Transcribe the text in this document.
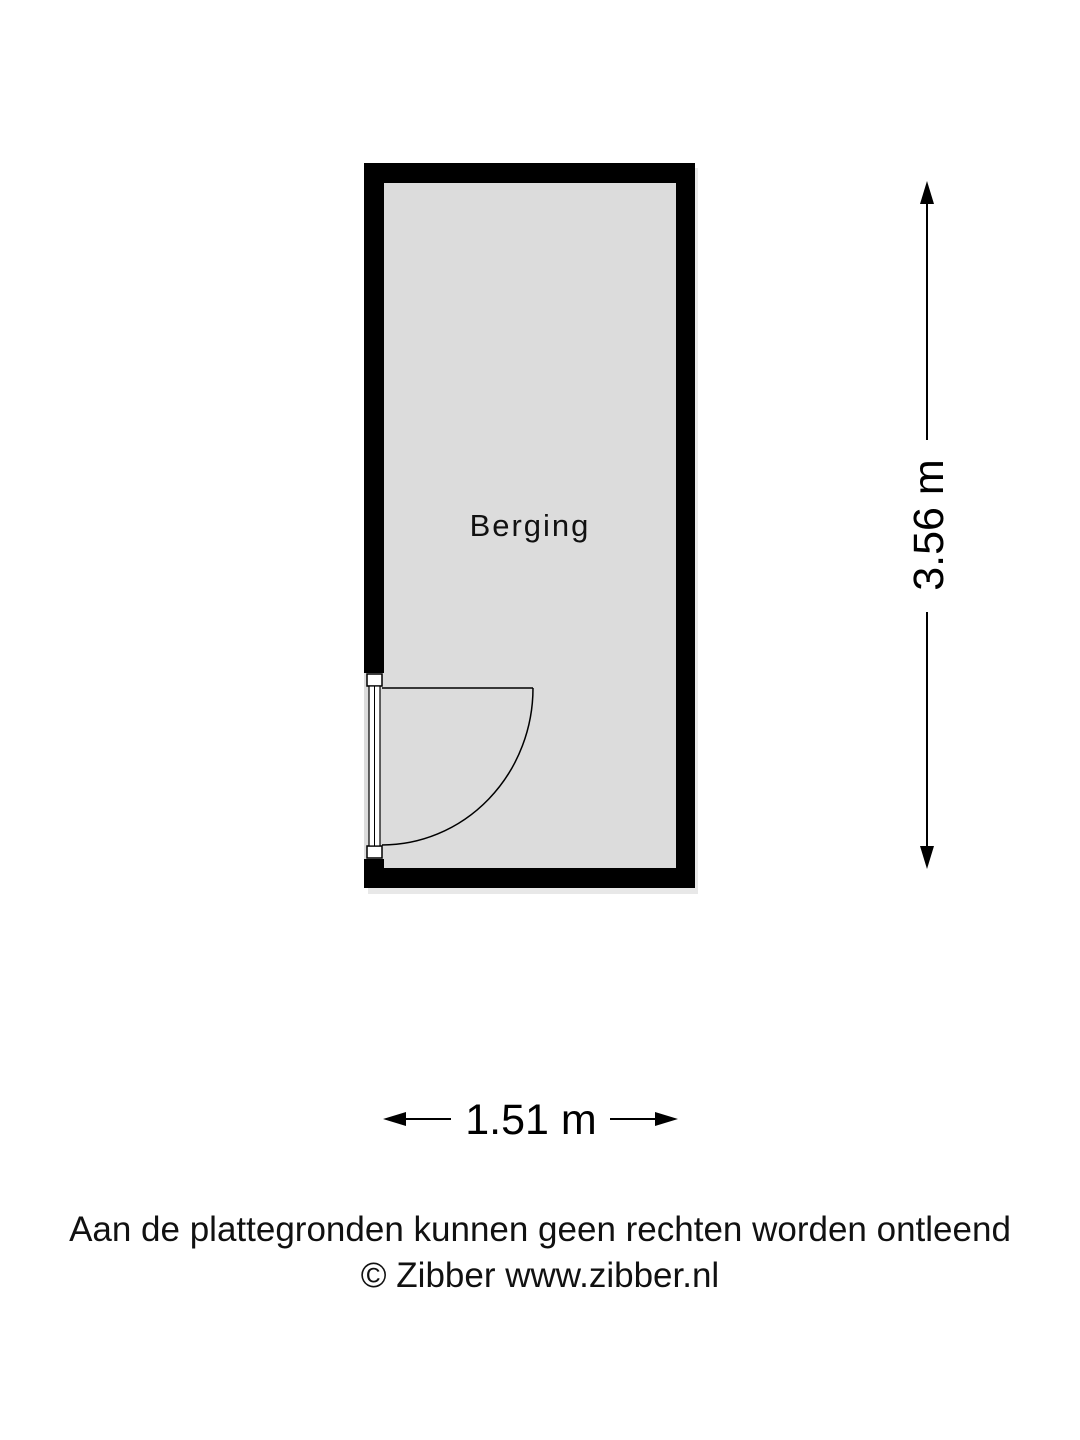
Berging	3.56 m
1.51 m
Aan de plattegronden kunnen geen rechten worden ontleend
© Zibber www.zibber.nl
